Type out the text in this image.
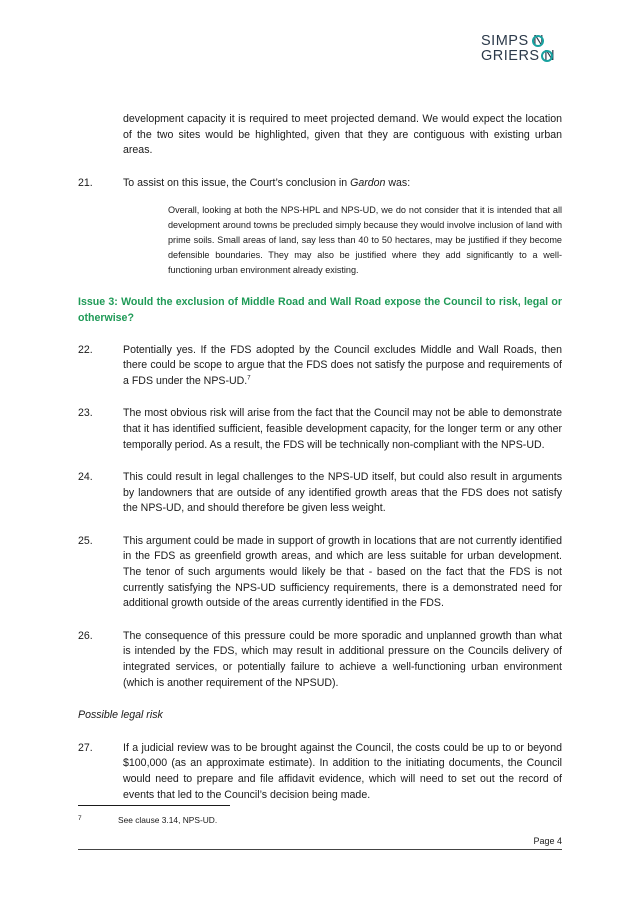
SIMPS N
GRIERS N

development capacity it is required to meet projected demand. We would expect the location of the two sites would be highlighted, given that they are contiguous with existing urban areas.

21.	To assist on this issue, the Court’s conclusion in Gardon was:

Overall, looking at both the NPS-HPL and NPS-UD, we do not consider that it is intended that all development around towns be precluded simply because they would involve inclusion of land with prime soils. Small areas of land, say less than 40 to 50 hectares, may be justified if they become defensible boundaries. They may also be justified where they add significantly to a well-functioning urban environment already existing.

Issue 3: Would the exclusion of Middle Road and Wall Road expose the Council to risk, legal or otherwise?

22.	Potentially yes. If the FDS adopted by the Council excludes Middle and Wall Roads, then there could be scope to argue that the FDS does not satisfy the purpose and requirements of a FDS under the NPS-UD.$^7$
23.	The most obvious risk will arise from the fact that the Council may not be able to demonstrate that it has identified sufficient, feasible development capacity, for the longer term or any other temporally period. As a result, the FDS will be technically non-compliant with the NPS-UD.
24.	This could result in legal challenges to the NPS-UD itself, but could also result in arguments by landowners that are outside of any identified growth areas that the FDS does not satisfy the NPS-UD, and should therefore be given less weight.
25.	This argument could be made in support of growth in locations that are not currently identified in the FDS as greenfield growth areas, and which are less suitable for urban development. The tenor of such arguments would likely be that - based on the fact that the FDS is not currently satisfying the NPS-UD sufficiency requirements, there is a demonstrated need for additional growth outside of the areas currently identified in the FDS.
26.	The consequence of this pressure could be more sporadic and unplanned growth than what is intended by the FDS, which may result in additional pressure on the Councils delivery of integrated services, or potentially failure to achieve a well-functioning urban environment (which is another requirement of the NPSUD).

Possible legal risk

27.	If a judicial review was to be brought against the Council, the costs could be up to or beyond $100,000 (as an approximate estimate). In addition to the initiating documents, the Council would need to prepare and file affidavit evidence, which will need to set out the record of events that led to the Council’s decision being made.
7	See clause 3.14, NPS-UD.
Page 4
